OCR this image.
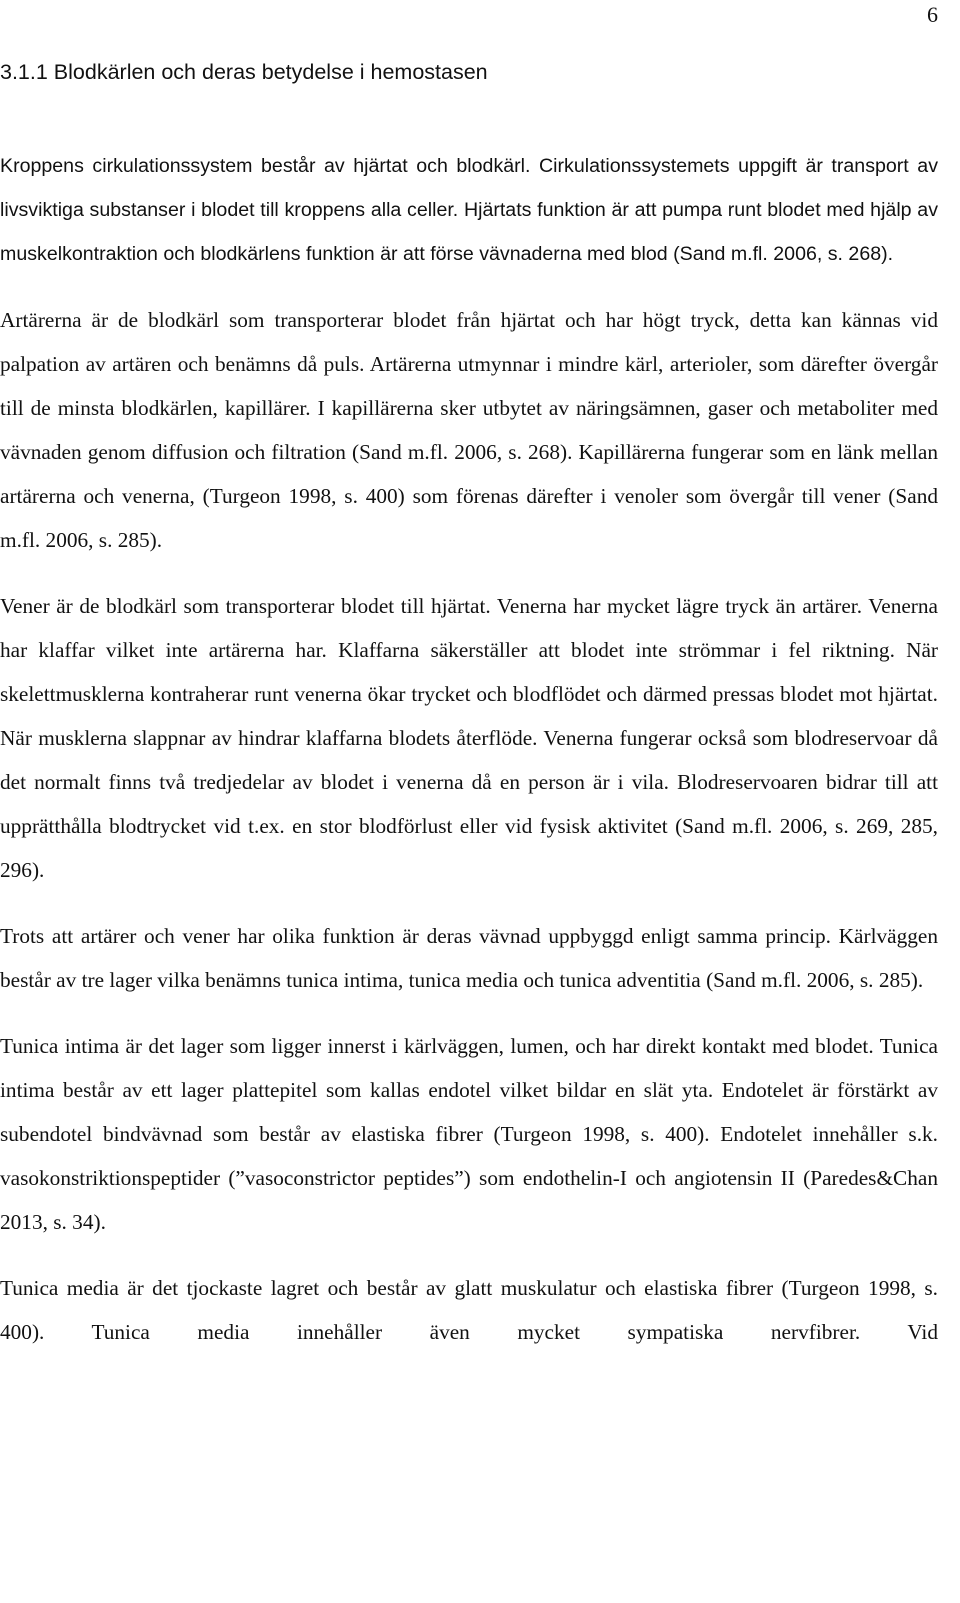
6
3.1.1 Blodkärlen och deras betydelse i hemostasen

Kroppens cirkulationssystem består av hjärtat och blodkärl. Cirkulationssystemets uppgift är transport av livsviktiga substanser i blodet till kroppens alla celler. Hjärtats funktion är att pumpa runt blodet med hjälp av muskelkontraktion och blodkärlens funktion är att förse vävnaderna med blod (Sand m.fl. 2006, s. 268).

Artärerna är de blodkärl som transporterar blodet från hjärtat och har högt tryck, detta kan kännas vid palpation av artären och benämns då puls. Artärerna utmynnar i mindre kärl, arterioler, som därefter övergår till de minsta blodkärlen, kapillärer. I kapillärerna sker utbytet av näringsämnen, gaser och metaboliter med vävnaden genom diffusion och filtration (Sand m.fl. 2006, s. 268). Kapillärerna fungerar som en länk mellan artärerna och venerna, (Turgeon 1998, s. 400) som förenas därefter i venoler som övergår till vener (Sand m.fl. 2006, s. 285).

Vener är de blodkärl som transporterar blodet till hjärtat. Venerna har mycket lägre tryck än artärer. Venerna har klaffar vilket inte artärerna har. Klaffarna säkerställer att blodet inte strömmar i fel riktning. När skelettmusklerna kontraherar runt venerna ökar trycket och blodflödet och därmed pressas blodet mot hjärtat. När musklerna slappnar av hindrar klaffarna blodets återflöde. Venerna fungerar också som blodreservoar då det normalt finns två tredjedelar av blodet i venerna då en person är i vila. Blodreservoaren bidrar till att upprätthålla blodtrycket vid t.ex. en stor blodförlust eller vid fysisk aktivitet (Sand m.fl. 2006, s. 269, 285, 296).

Trots att artärer och vener har olika funktion är deras vävnad uppbyggd enligt samma princip. Kärlväggen består av tre lager vilka benämns tunica intima, tunica media och tunica adventitia (Sand m.fl. 2006, s. 285).

Tunica intima är det lager som ligger innerst i kärlväggen, lumen, och har direkt kontakt med blodet. Tunica intima består av ett lager plattepitel som kallas endotel vilket bildar en slät yta. Endotelet är förstärkt av subendotel bindvävnad som består av elastiska fibrer (Turgeon 1998, s. 400). Endotelet innehåller s.k. vasokonstriktionspeptider (”vasoconstrictor peptides”) som endothelin-I och angiotensin II (Paredes&Chan 2013, s. 34).

Tunica media är det tjockaste lagret och består av glatt muskulatur och elastiska fibrer (Turgeon 1998, s. 400). Tunica media innehåller även mycket sympatiska nervfibrer. Vid
